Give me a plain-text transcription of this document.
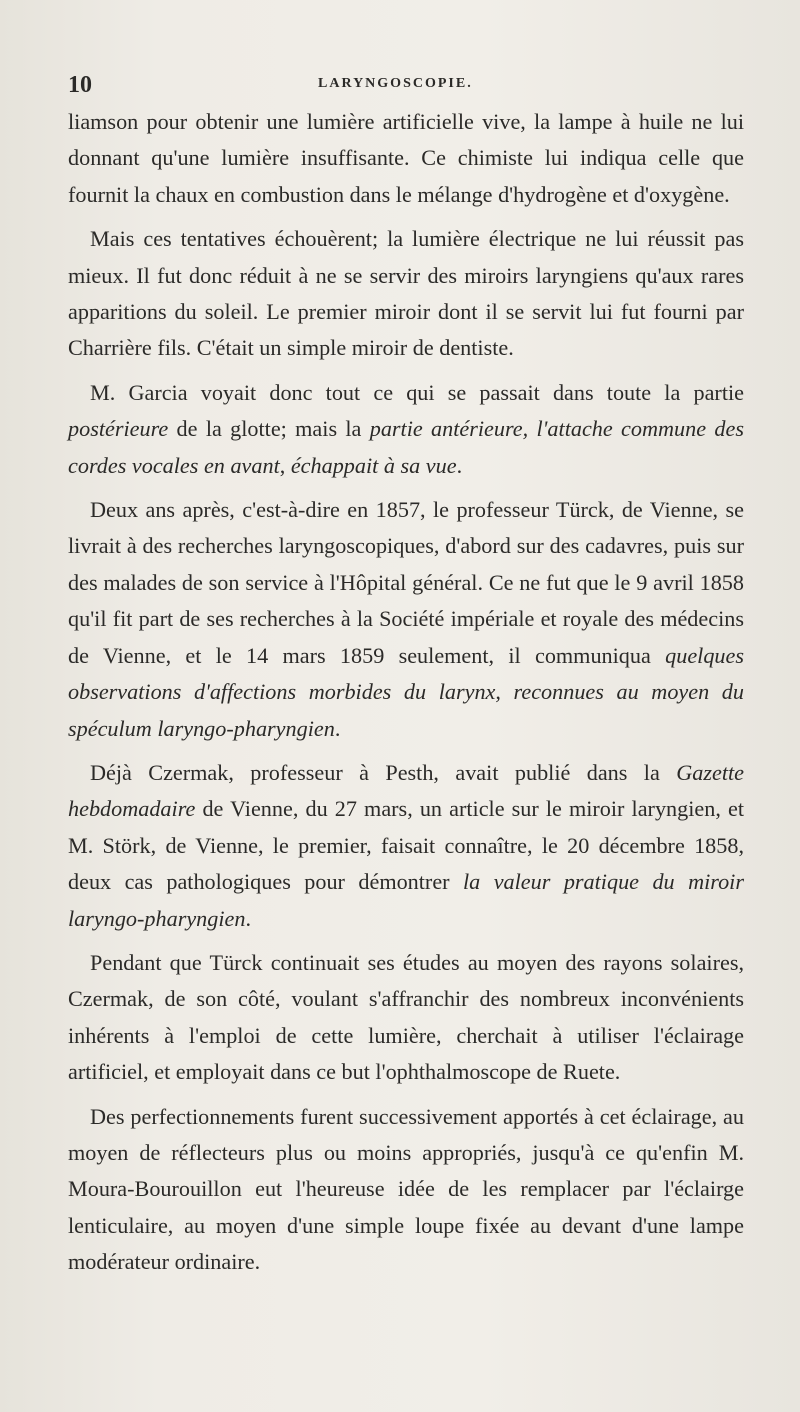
10	LARYNGOSCOPIE.

liamson pour obtenir une lumière artificielle vive, la lampe à huile ne lui donnant qu'une lumière insuffisante. Ce chimiste lui indiqua celle que fournit la chaux en combustion dans le mélange d'hydrogène et d'oxygène.

Mais ces tentatives échouèrent; la lumière électrique ne lui réussit pas mieux. Il fut donc réduit à ne se servir des miroirs laryngiens qu'aux rares apparitions du soleil. Le premier miroir dont il se servit lui fut fourni par Charrière fils. C'était un simple miroir de dentiste.

M. Garcia voyait donc tout ce qui se passait dans toute la partie postérieure de la glotte; mais la partie antérieure, l'attache commune des cordes vocales en avant, échappait à sa vue.

Deux ans après, c'est-à-dire en 1857, le professeur Türck, de Vienne, se livrait à des recherches laryngoscopiques, d'abord sur des cadavres, puis sur des malades de son service à l'Hôpital général. Ce ne fut que le 9 avril 1858 qu'il fit part de ses recherches à la Société impériale et royale des médecins de Vienne, et le 14 mars 1859 seulement, il communiqua quelques observations d'affections morbides du larynx, reconnues au moyen du spéculum laryngo-pharyngien.

Déjà Czermak, professeur à Pesth, avait publié dans la Gazette hebdomadaire de Vienne, du 27 mars, un article sur le miroir laryngien, et M. Störk, de Vienne, le premier, faisait connaître, le 20 décembre 1858, deux cas pathologiques pour démontrer la valeur pratique du miroir laryngo-pharyngien.

Pendant que Türck continuait ses études au moyen des rayons solaires, Czermak, de son côté, voulant s'affranchir des nombreux inconvénients inhérents à l'emploi de cette lumière, cherchait à utiliser l'éclairage artificiel, et employait dans ce but l'ophthalmoscope de Ruete.

Des perfectionnements furent successivement apportés à cet éclairage, au moyen de réflecteurs plus ou moins appropriés, jusqu'à ce qu'enfin M. Moura-Bourouillon eut l'heureuse idée de les remplacer par l'éclairge lenticulaire, au moyen d'une simple loupe fixée au devant d'une lampe modérateur ordinaire.
